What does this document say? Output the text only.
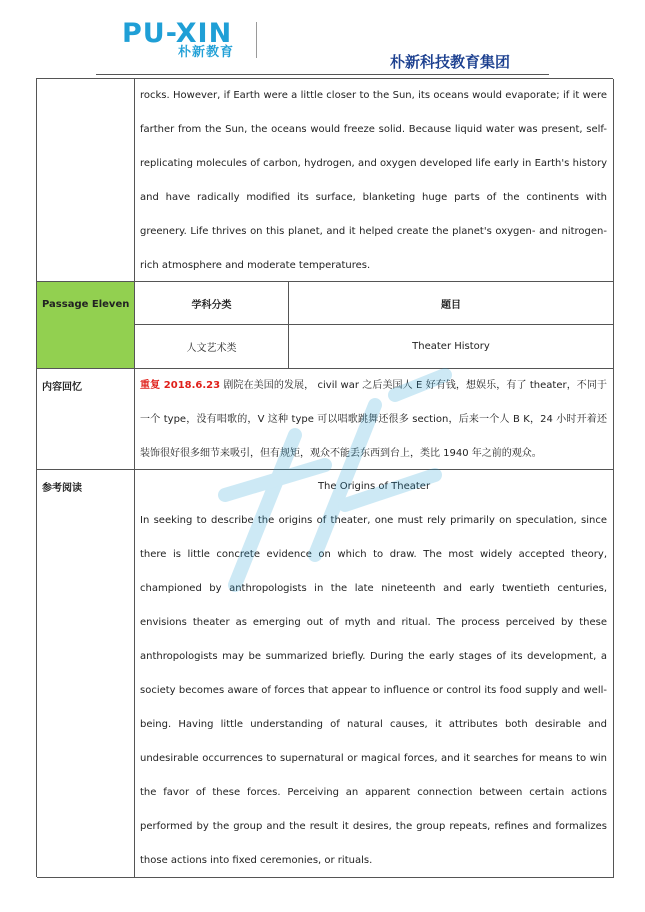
PU-XIN
朴新教育
朴新科技教育集团
rocks. However, if Earth were a little closer to the Sun, its oceans would evaporate; if it were farther from the Sun, the oceans would freeze solid. Because liquid water was present, self-replicating molecules of carbon, hydrogen, and oxygen developed life early in Earth's history and have radically modified its surface, blanketing huge parts of the continents with greenery. Life thrives on this planet, and it helped create the planet's oxygen- and nitrogen-rich atmosphere and moderate temperatures.
Passage Eleven	学科分类	题目
人文艺术类	Theater History
内容回忆	重复 2018.6.23 剧院在美国的发展， civil war 之后美国人 E 好有钱，想娱乐，有了 theater，不同于一个 type，没有唱歌的，V 这种 type 可以唱歌跳舞还很多 section，后来一个人 B K，24 小时开着还装饰很好很多细节来吸引，但有规矩，观众不能丢东西到台上，类比 1940 年之前的观众。
参考阅读	The Origins of Theater
In seeking to describe the origins of theater, one must rely primarily on speculation, since there is little concrete evidence on which to draw. The most widely accepted theory, championed by anthropologists in the late nineteenth and early twentieth centuries, envisions theater as emerging out of myth and ritual. The process perceived by these anthropologists may be summarized briefly. During the early stages of its development, a society becomes aware of forces that appear to influence or control its food supply and well-being. Having little understanding of natural causes, it attributes both desirable and undesirable occurrences to supernatural or magical forces, and it searches for means to win the favor of these forces. Perceiving an apparent connection between certain actions performed by the group and the result it desires, the group repeats, refines and formalizes those actions into fixed ceremonies, or rituals.
